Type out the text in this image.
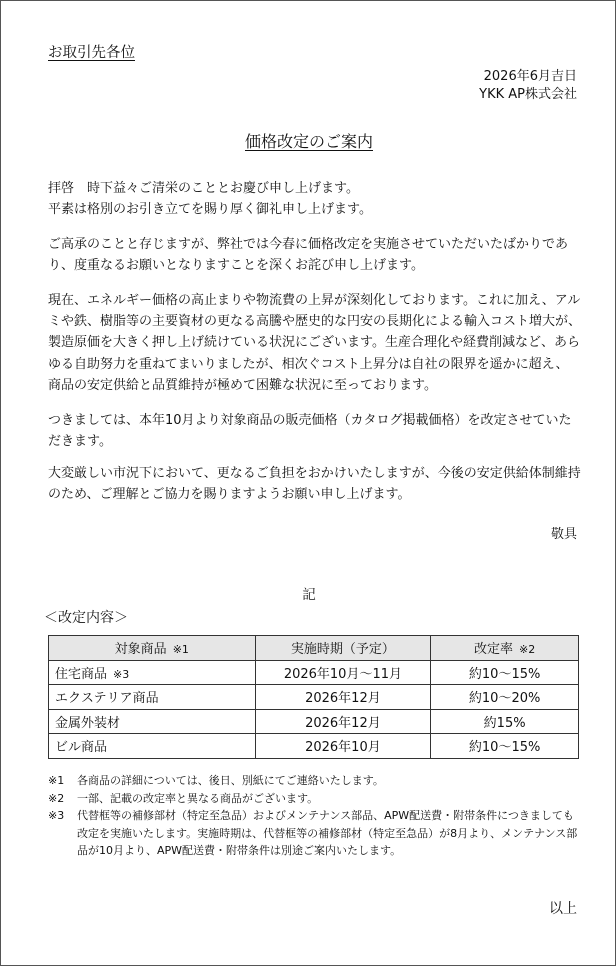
お取引先各位
2026年6月吉日
YKK AP株式会社
価格改定のご案内

拝啓　時下益々ご清栄のこととお慶び申し上げます。
平素は格別のお引き立てを賜り厚く御礼申し上げます。

ご高承のことと存じますが、弊社では今春に価格改定を実施させていただいたばかりであり、度重なるお願いとなりますことを深くお詫び申し上げます。

現在、エネルギー価格の高止まりや物流費の上昇が深刻化しております。これに加え、アルミや鉄、樹脂等の主要資材の更なる高騰や歴史的な円安の長期化による輸入コスト増大が、製造原価を大きく押し上げ続けている状況にございます。生産合理化や経費削減など、あらゆる自助努力を重ねてまいりましたが、相次ぐコスト上昇分は自社の限界を遥かに超え、商品の安定供給と品質維持が極めて困難な状況に至っております。

つきましては、本年10月より対象商品の販売価格（カタログ掲載価格）を改定させていただきます。

大変厳しい市況下において、更なるご負担をおかけいたしますが、今後の安定供給体制維持のため、ご理解とご協力を賜りますようお願い申し上げます。

敬具
記
＜改定内容＞
対象商品 ※1	実施時期（予定）	改定率 ※2
住宅商品 ※3	2026年10月～11月	約10～15%
エクステリア商品	2026年12月	約10～20%
金属外装材	2026年12月	約15%
ビル商品	2026年10月	約10～15%
※1 各商品の詳細については、後日、別紙にてご連絡いたします。
※2 一部、記載の改定率と異なる商品がございます。
※3 代替框等の補修部材（特定至急品）およびメンテナンス部品、APW配送費・附帯条件につきましても改定を実施いたします。実施時期は、代替框等の補修部材（特定至急品）が8月より、メンテナンス部品が10月より、APW配送費・附帯条件は別途ご案内いたします。
以上
